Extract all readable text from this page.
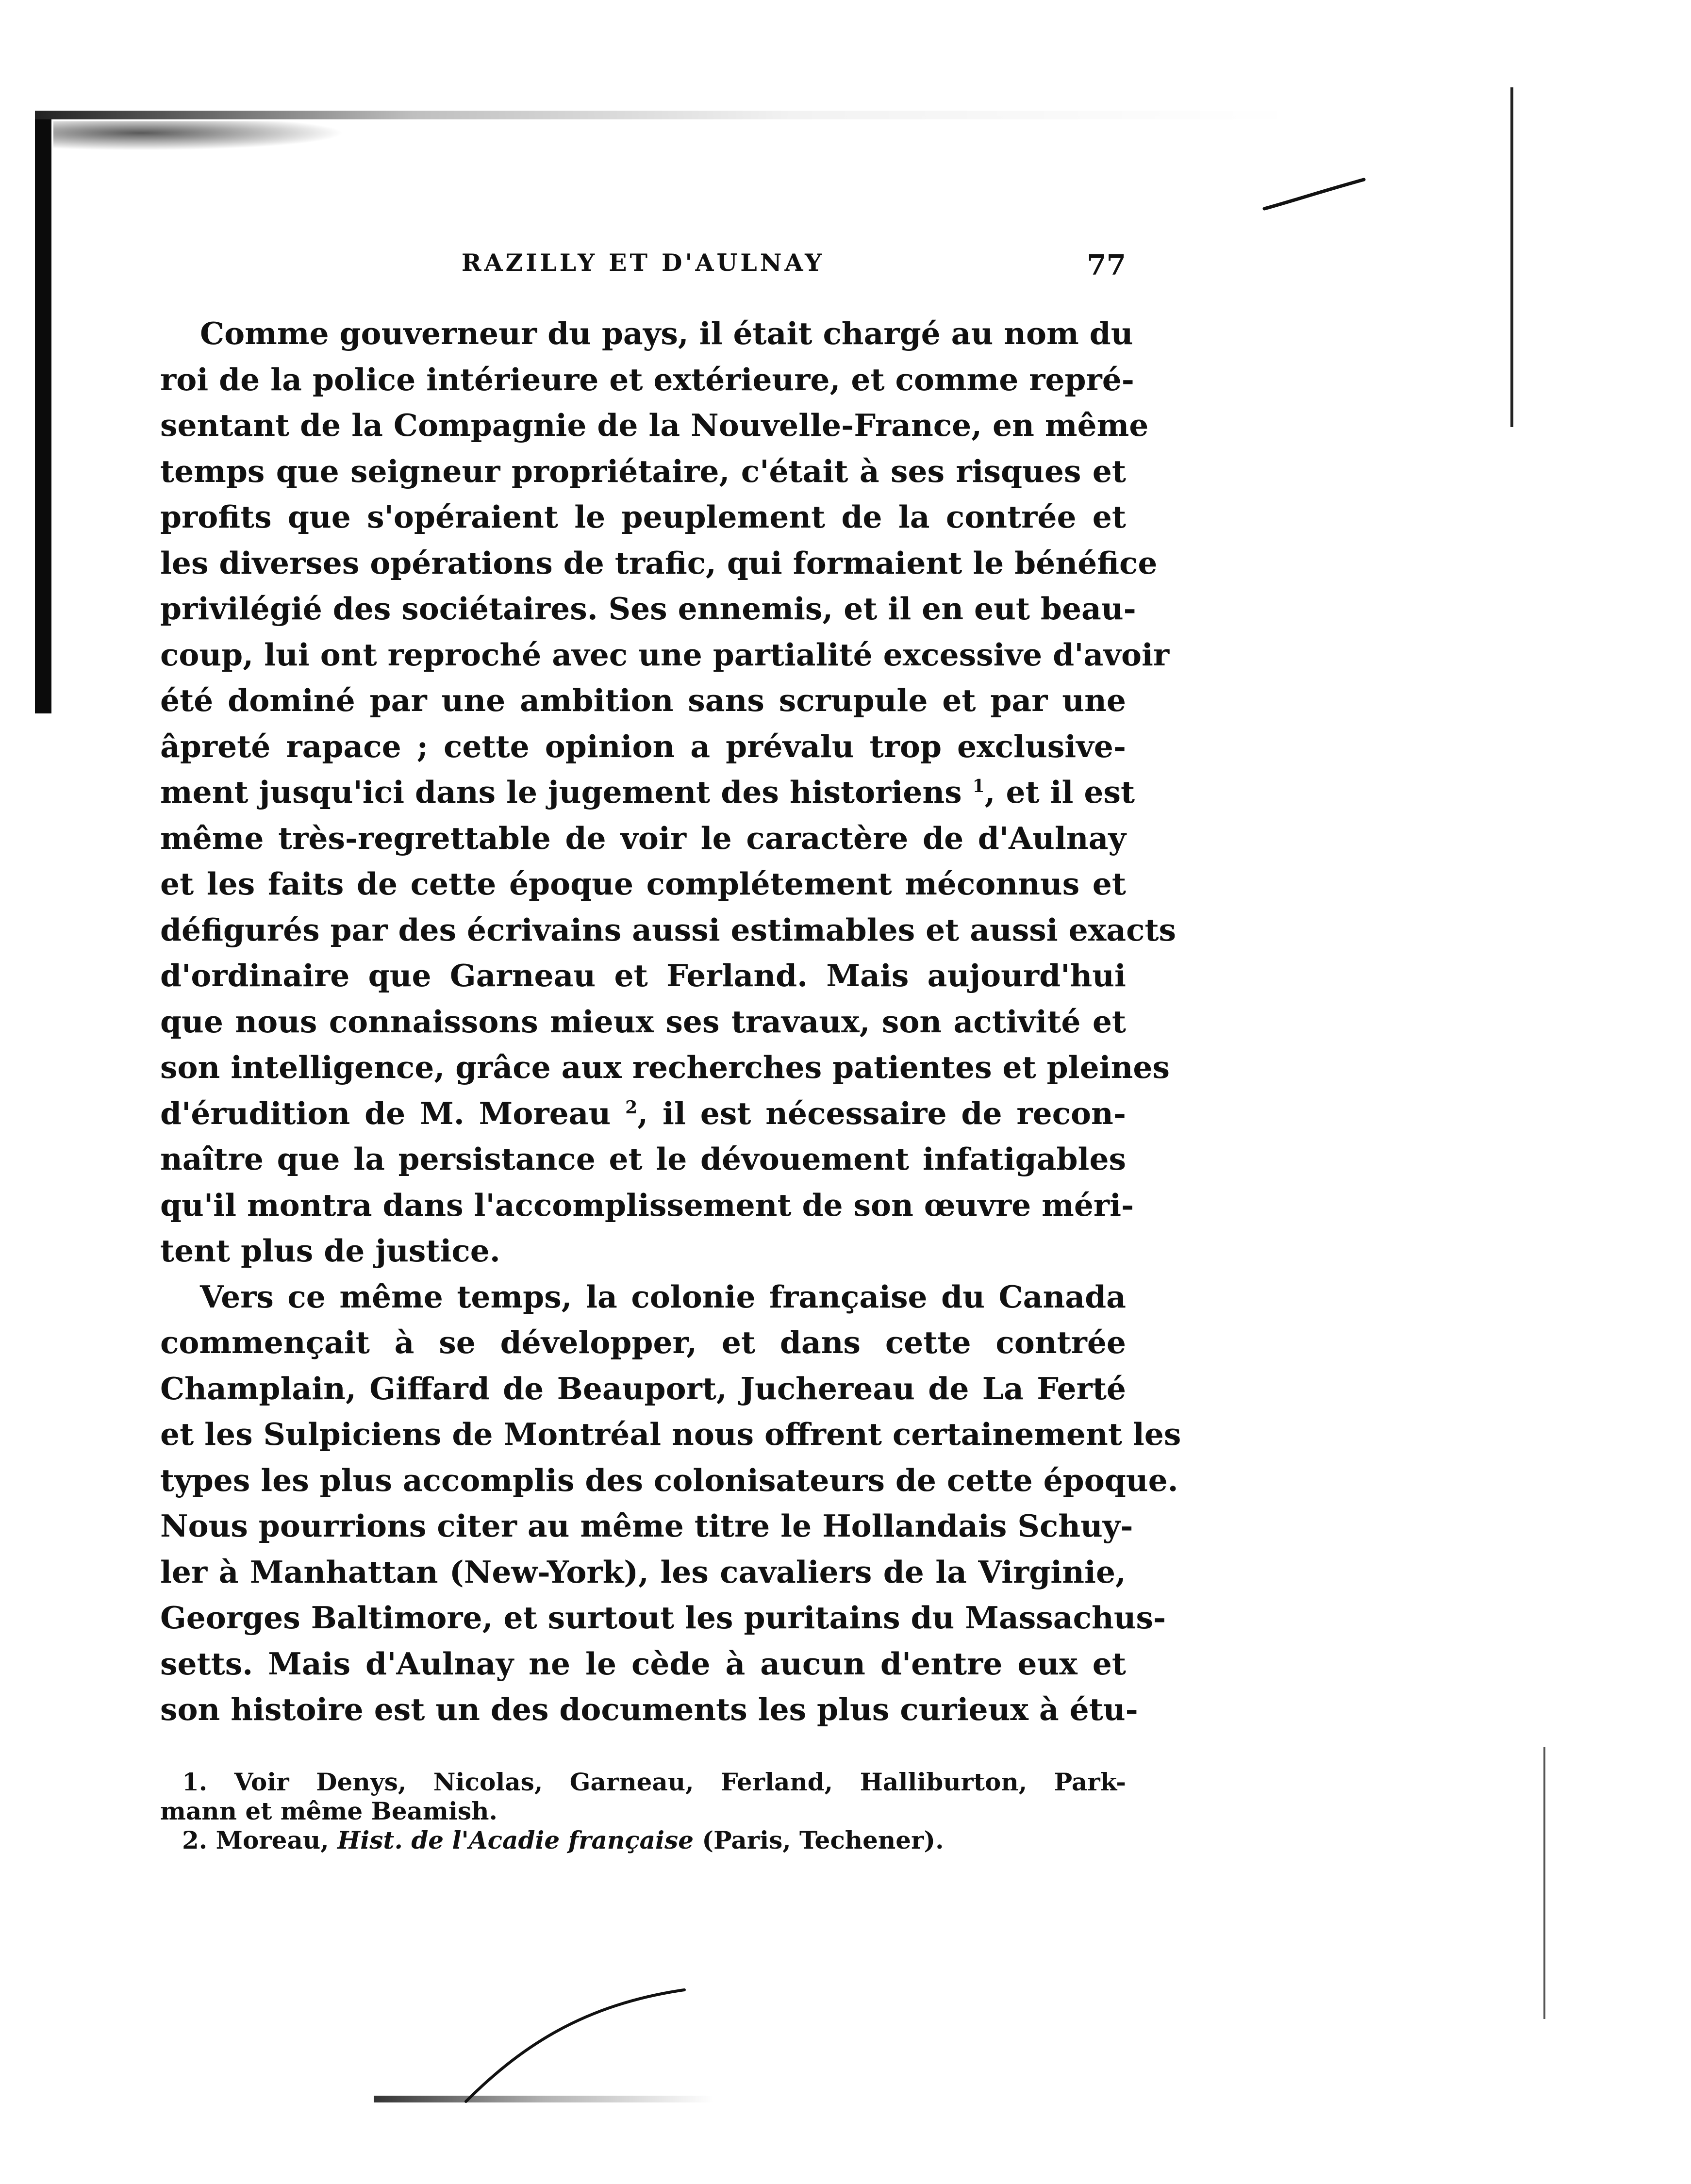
RAZILLY ET D'AULNAY	77
Comme gouverneur du pays, il était chargé au nom du
roi de la police intérieure et extérieure, et comme repré-
sentant de la Compagnie de la Nouvelle-France, en même
temps que seigneur propriétaire, c'était à ses risques et
profits que s'opéraient le peuplement de la contrée et
les diverses opérations de trafic, qui formaient le bénéfice
privilégié des sociétaires. Ses ennemis, et il en eut beau-
coup, lui ont reproché avec une partialité excessive d'avoir
été dominé par une ambition sans scrupule et par une
âpreté rapace ; cette opinion a prévalu trop exclusive-
ment jusqu'ici dans le jugement des historiens $^1$, et il est
même très-regrettable de voir le caractère de d'Aulnay
et les faits de cette époque complétement méconnus et
défigurés par des écrivains aussi estimables et aussi exacts
d'ordinaire que Garneau et Ferland. Mais aujourd'hui
que nous connaissons mieux ses travaux, son activité et
son intelligence, grâce aux recherches patientes et pleines
d'érudition de M. Moreau $^2$, il est nécessaire de recon-
naître que la persistance et le dévouement infatigables
qu'il montra dans l'accomplissement de son œuvre méri-
tent plus de justice.
Vers ce même temps, la colonie française du Canada
commençait à se développer, et dans cette contrée
Champlain, Giffard de Beauport, Juchereau de La Ferté
et les Sulpiciens de Montréal nous offrent certainement les
types les plus accomplis des colonisateurs de cette époque.
Nous pourrions citer au même titre le Hollandais Schuy-
ler à Manhattan (New-York), les cavaliers de la Virginie,
Georges Baltimore, et surtout les puritains du Massachus-
setts. Mais d'Aulnay ne le cède à aucun d'entre eux et
son histoire est un des documents les plus curieux à étu-
1. Voir Denys, Nicolas, Garneau, Ferland, Halliburton, Park-
mann et même Beamish.
2. Moreau, Hist. de l'Acadie française (Paris, Techener).
